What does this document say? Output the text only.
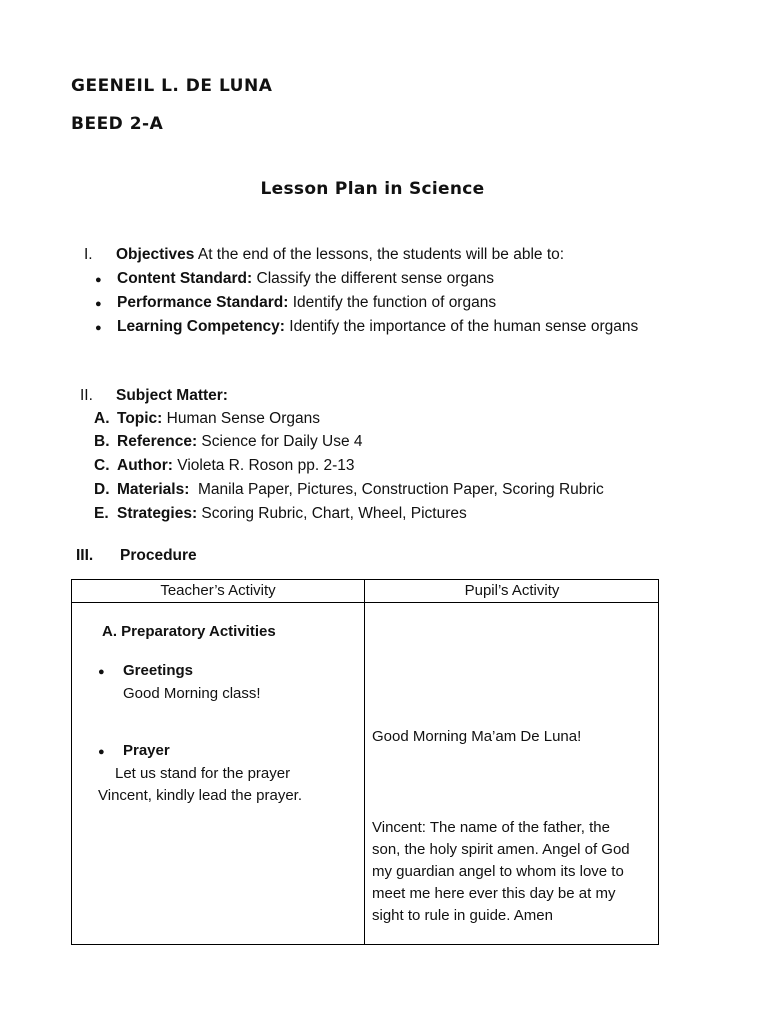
GEENEIL L. DE LUNA
BEED 2-A
Lesson Plan in Science
I. Objectives At the end of the lessons, the students will be able to:
● Content Standard: Classify the different sense organs
● Performance Standard: Identify the function of organs
● Learning Competency: Identify the importance of the human sense organs
II. Subject Matter:
A. Topic: Human Sense Organs
B. Reference: Science for Daily Use 4
C. Author: Violeta R. Roson pp. 2-13
D. Materials:  Manila Paper, Pictures, Construction Paper, Scoring Rubric
E. Strategies: Scoring Rubric, Chart, Wheel, Pictures
III. Procedure
Teacher’s Activity	Pupil’s Activity
A. Preparatory Activities
● Greetings
Good Morning class!
● Prayer
Let us stand for the prayer
Vincent, kindly lead the prayer.
Good Morning Ma’am De Luna!
Vincent: The name of the father, the
son, the holy spirit amen. Angel of God
my guardian angel to whom its love to
meet me here ever this day be at my
sight to rule in guide. Amen
